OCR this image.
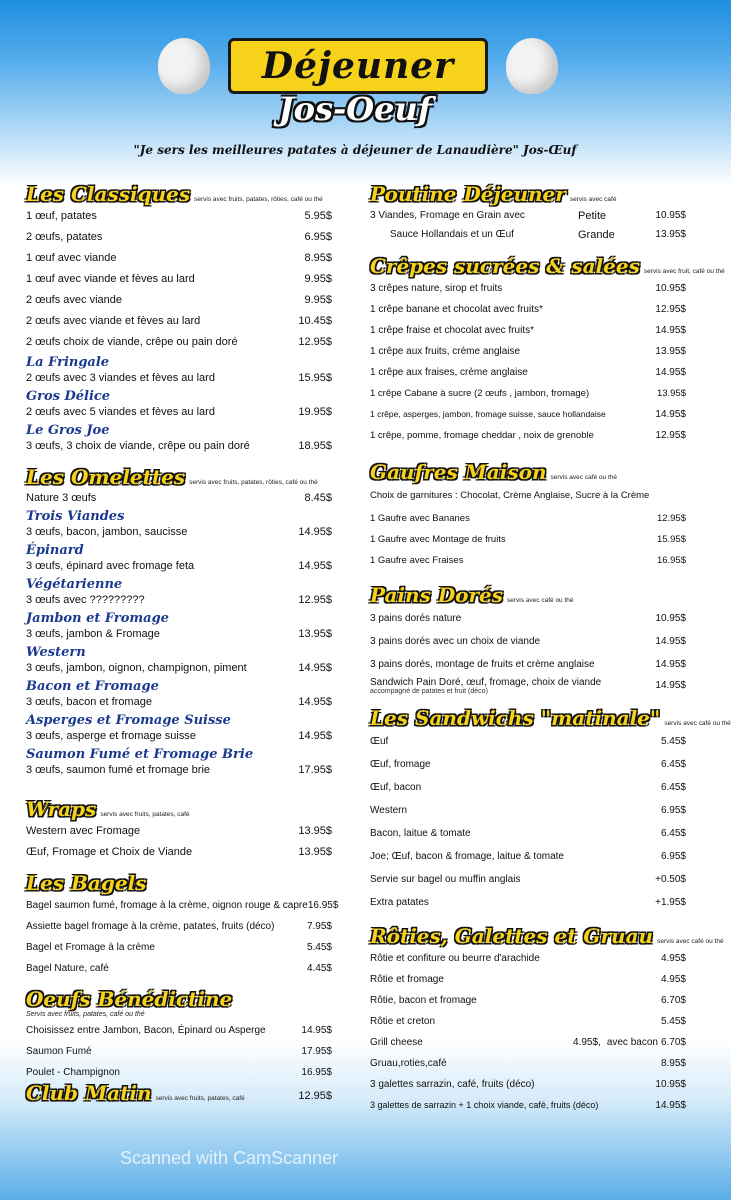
Déjeuner
Jos-Oeuf
"Je sers les meilleures patates à déjeuner de Lanaudière" Jos-Œuf
Les Classiques servis avec fruits, patates, rôties, café ou thé
1 œuf, patates	5.95$
2 œufs, patates	6.95$
1 œuf avec viande	8.95$
1 œuf avec viande et fèves au lard	9.95$
2 œufs avec viande	9.95$
2 œufs avec viande et fèves au lard	10.45$
2 œufs choix de viande, crêpe ou pain doré	12.95$
La Fringale
2 œufs avec 3 viandes et fèves au lard	15.95$
Gros Délice
2 œufs avec 5 viandes et fèves au lard	19.95$
Le Gros Joe
3 œufs, 3 choix de viande, crêpe ou pain doré	18.95$
Les Omelettes servis avec fruits, patates, rôties, café ou thé
Nature 3 œufs	8.45$
Trois Viandes
3 œufs, bacon, jambon, saucisse	14.95$
Épinard
3 œufs, épinard avec fromage feta	14.95$
Végétarienne
3 œufs avec ?????????	12.95$
Jambon et Fromage
3 œufs, jambon & Fromage	13.95$
Western
3 œufs, jambon, oignon, champignon, piment	14.95$
Bacon et Fromage
3 œufs, bacon et fromage	14.95$
Asperges et Fromage Suisse
3 œufs, asperge et fromage suisse	14.95$
Saumon Fumé et Fromage Brie
3 œufs, saumon fumé et fromage brie	17.95$
Wraps servis avec fruits, patates, café
Western avec Fromage	13.95$
Œuf, Fromage et Choix de Viande	13.95$
Les Bagels
Bagel saumon fumé, fromage à la crème, oignon rouge & capre 16.95$
Assiette bagel fromage à la crème, patates, fruits (déco)	7.95$
Bagel et Fromage à la crème	5.45$
Bagel Nature, café	4.45$
Oeufs Bénédictine
Servis avec fruits, patates, café ou thé
Choisissez entre Jambon, Bacon, Épinard ou Asperge	14.95$
Saumon Fumé	17.95$
Poulet - Champignon	16.95$
Club Matin servis avec fruits, patates, café	12.95$
Poutine Déjeuner servis avec café
3 Viandes, Fromage en Grain avec	Petite	10.95$
Sauce Hollandais et un Œuf	Grande	13.95$
Crêpes sucrées & salées servis avec fruit, café ou thé
3 crêpes nature, sirop et fruits	10.95$
1 crêpe banane et chocolat avec fruits*	12.95$
1 crêpe fraise et chocolat avec fruits*	14.95$
1 crêpe aux fruits, crème anglaise	13.95$
1 crêpe aux fraises, crème anglaise	14.95$
1 crêpe Cabane à sucre (2 œufs , jambon, fromage)	13.95$
1 crêpe, asperges, jambon, fromage suisse, sauce hollandaise	14.95$
1 crêpe, pomme, fromage cheddar , noix de grenoble	12.95$
Gaufres Maison servis avec café ou thé
Choix de garnitures : Chocolat, Crème Anglaise, Sucre à la Crème
1 Gaufre avec Bananes	12.95$
1 Gaufre avec Montage de fruits	15.95$
1 Gaufre avec Fraises	16.95$
Pains Dorés servis avec café ou thé
3 pains dorés nature	10.95$
3 pains dorés avec un choix de viande	14.95$
3 pains dorés, montage de fruits et crème anglaise	14.95$
Sandwich Pain Doré, œuf, fromage, choix de viande
accompagné de patates et fruit (déco)
14.95$
Les Sandwichs "matinale" servis avec café ou thé
Œuf	5.45$
Œuf, fromage	6.45$
Œuf, bacon	6.45$
Western	6.95$
Bacon, laitue & tomate	6.45$
Joe; Œuf, bacon & fromage, laitue & tomate	6.95$
Servie sur bagel ou muffin anglais	+0.50$
Extra patates	+1.95$
Rôties, Galettes et Gruau servis avec café ou thé
Rôtie et confiture ou beurre d'arachide	4.95$
Rôtie et fromage	4.95$
Rôtie, bacon et fromage	6.70$
Rôtie et creton	5.45$
Grill cheese	4.95$, avec bacon 6.70$
Gruau,roties,café	8.95$
3 galettes sarrazin, café, fruits (déco)	10.95$
3 galettes de sarrazin + 1 choix viande, café, fruits (déco)	14.95$
Scanned with CamScanner
